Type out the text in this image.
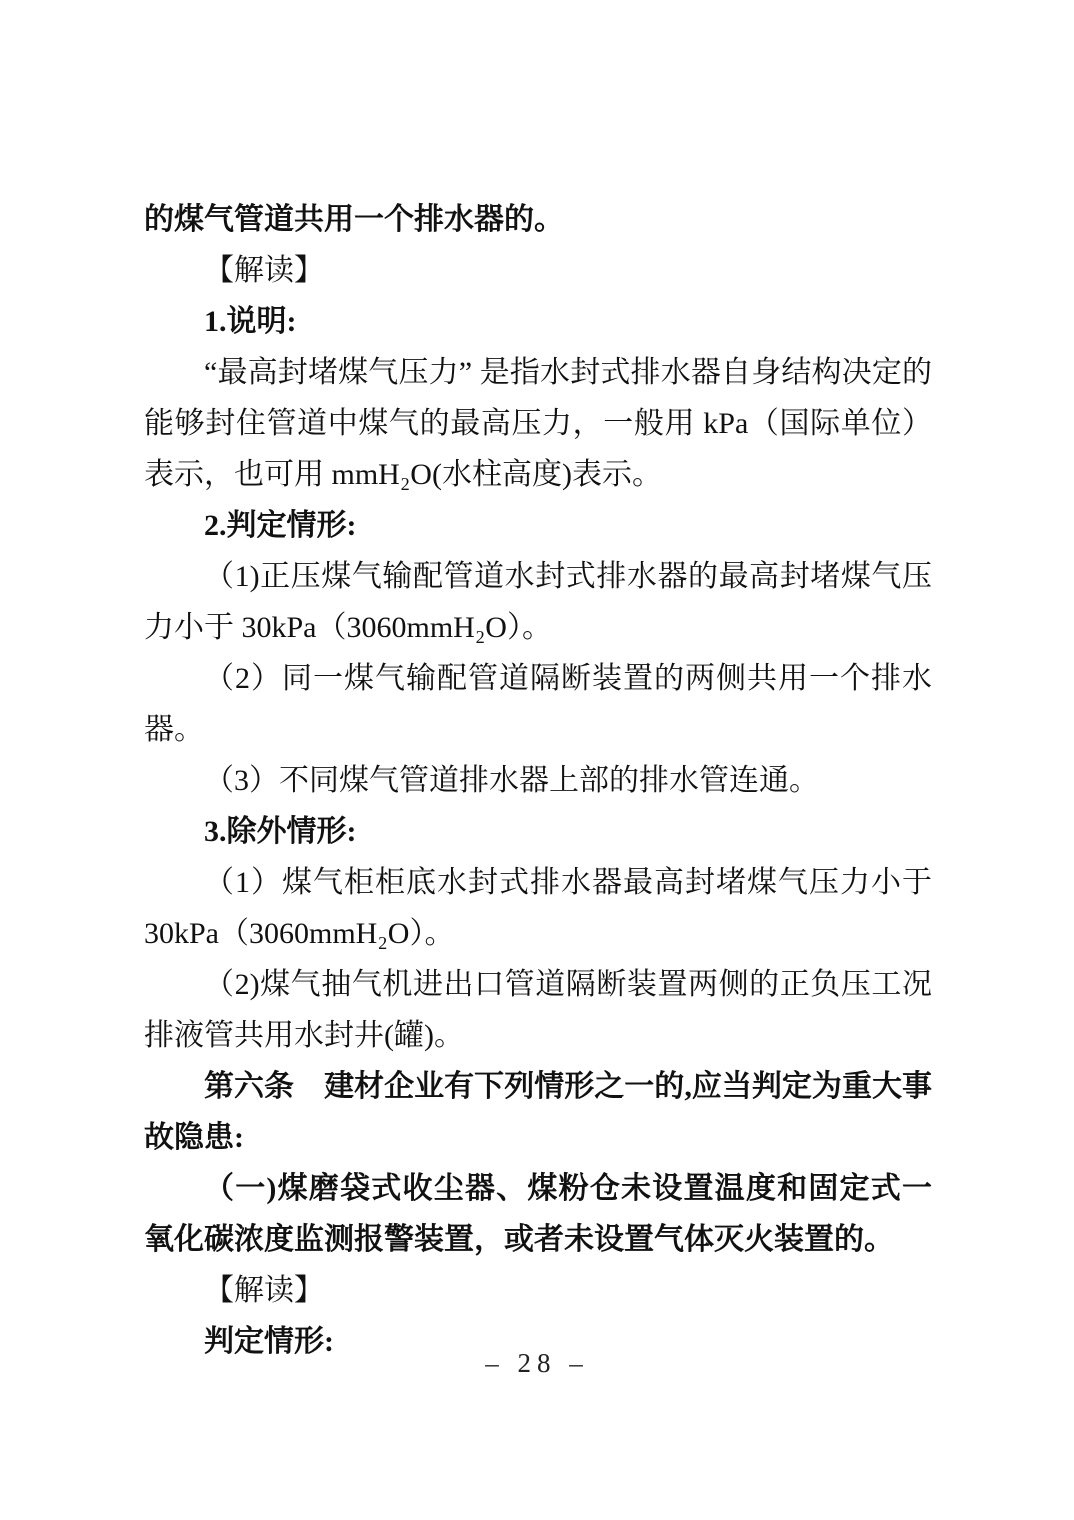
的煤气管道共用一个排水器的。

【解读】

1.说明:

“最高封堵煤气压力” 是指水封式排水器自身结构决定的能够封住管道中煤气的最高压力，一般用 kPa（国际单位）表示，也可用 mmH₂O(水柱高度)表示。

2.判定情形:

（1)正压煤气输配管道水封式排水器的最高封堵煤气压力小于 30kPa（3060mmH₂O）。

（2）同一煤气输配管道隔断装置的两侧共用一个排水器。

（3）不同煤气管道排水器上部的排水管连通。

3.除外情形:

（1）煤气柜柜底水封式排水器最高封堵煤气压力小于 30kPa（3060mmH₂O）。

（2)煤气抽气机进出口管道隔断装置两侧的正负压工况排液管共用水封井(罐)。

第六条　建材企业有下列情形之一的,应当判定为重大事故隐患:

（一)煤磨袋式收尘器、煤粉仓未设置温度和固定式一氧化碳浓度监测报警装置，或者未设置气体灭火装置的。

【解读】

判定情形:

– 28 –
